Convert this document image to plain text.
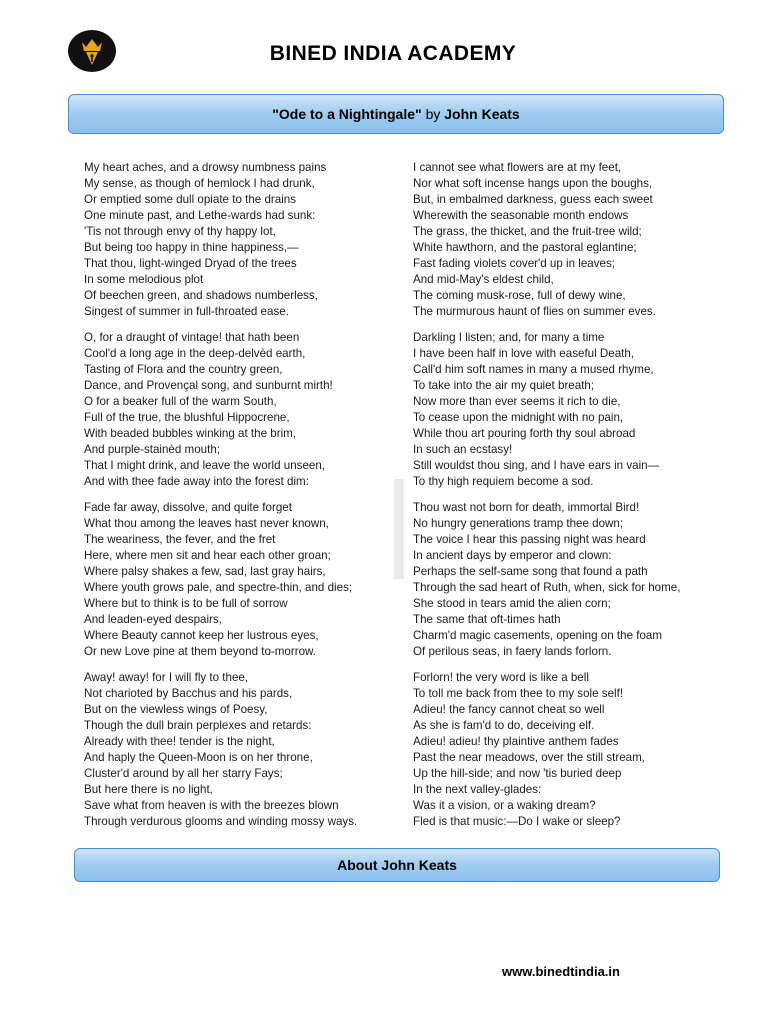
BINED INDIA ACADEMY
"Ode to a Nightingale" by John Keats
My heart aches, and a drowsy numbness pains
My sense, as though of hemlock I had drunk,
Or emptied some dull opiate to the drains
One minute past, and Lethe-wards had sunk:
'Tis not through envy of thy happy lot,
But being too happy in thine happiness,—
That thou, light-winged Dryad of the trees
In some melodious plot
Of beechen green, and shadows numberless,
Singest of summer in full-throated ease.
O, for a draught of vintage! that hath been
Cool'd a long age in the deep-delvèd earth,
Tasting of Flora and the country green,
Dance, and Provençal song, and sunburnt mirth!
O for a beaker full of the warm South,
Full of the true, the blushful Hippocrene,
With beaded bubbles winking at the brim,
And purple-stainèd mouth;
That I might drink, and leave the world unseen,
And with thee fade away into the forest dim:
Fade far away, dissolve, and quite forget
What thou among the leaves hast never known,
The weariness, the fever, and the fret
Here, where men sit and hear each other groan;
Where palsy shakes a few, sad, last gray hairs,
Where youth grows pale, and spectre-thin, and dies;
Where but to think is to be full of sorrow
And leaden-eyed despairs,
Where Beauty cannot keep her lustrous eyes,
Or new Love pine at them beyond to-morrow.
Away! away! for I will fly to thee,
Not charioted by Bacchus and his pards,
But on the viewless wings of Poesy,
Though the dull brain perplexes and retards:
Already with thee! tender is the night,
And haply the Queen-Moon is on her throne,
Cluster'd around by all her starry Fays;
But here there is no light,
Save what from heaven is with the breezes blown
Through verdurous glooms and winding mossy ways.
I cannot see what flowers are at my feet,
Nor what soft incense hangs upon the boughs,
But, in embalmed darkness, guess each sweet
Wherewith the seasonable month endows
The grass, the thicket, and the fruit-tree wild;
White hawthorn, and the pastoral eglantine;
Fast fading violets cover'd up in leaves;
And mid-May's eldest child,
The coming musk-rose, full of dewy wine,
The murmurous haunt of flies on summer eves.
Darkling I listen; and, for many a time
I have been half in love with easeful Death,
Call'd him soft names in many a mused rhyme,
To take into the air my quiet breath;
Now more than ever seems it rich to die,
To cease upon the midnight with no pain,
While thou art pouring forth thy soul abroad
In such an ecstasy!
Still wouldst thou sing, and I have ears in vain—
To thy high requiem become a sod.
Thou wast not born for death, immortal Bird!
No hungry generations tramp thee down;
The voice I hear this passing night was heard
In ancient days by emperor and clown:
Perhaps the self-same song that found a path
Through the sad heart of Ruth, when, sick for home,
She stood in tears amid the alien corn;
The same that oft-times hath
Charm'd magic casements, opening on the foam
Of perilous seas, in faery lands forlorn.
Forlorn! the very word is like a bell
To toll me back from thee to my sole self!
Adieu! the fancy cannot cheat so well
As she is fam'd to do, deceiving elf.
Adieu! adieu! thy plaintive anthem fades
Past the near meadows, over the still stream,
Up the hill-side; and now 'tis buried deep
In the next valley-glades:
Was it a vision, or a waking dream?
Fled is that music:—Do I wake or sleep?
About John Keats
www.binedtindia.in
